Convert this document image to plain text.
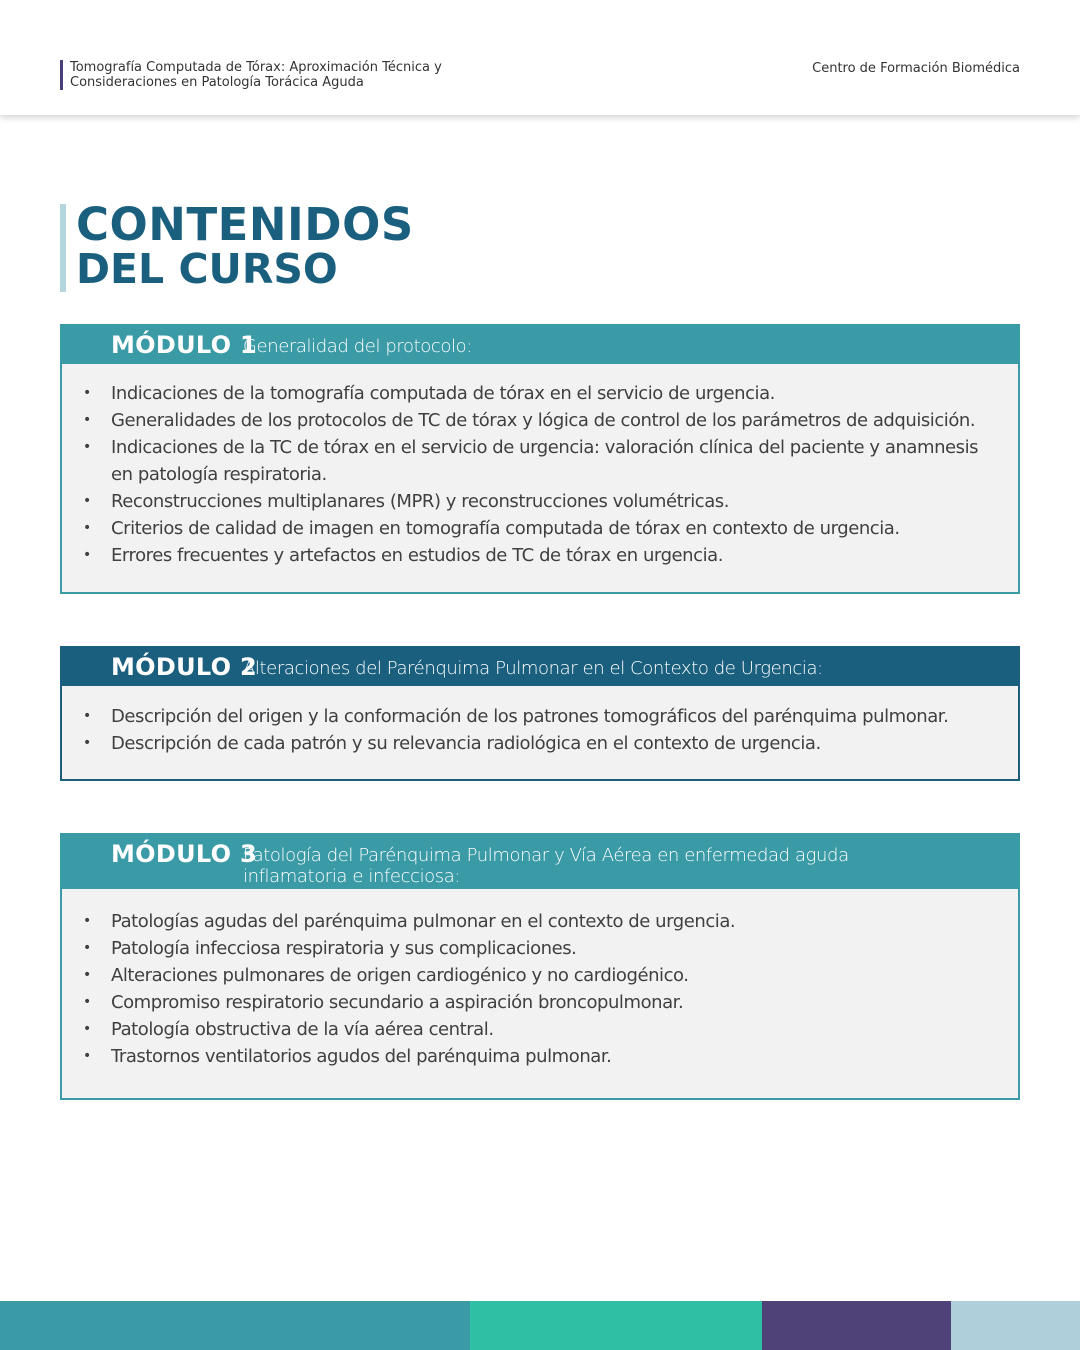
Tomografía Computada de Tórax: Aproximación Técnica y
Consideraciones en Patología Torácica Aguda
Centro de Formación Biomédica
CONTENIDOS
DEL CURSO
MÓDULO 1
Generalidad del protocolo:
• Indicaciones de la tomografía computada de tórax en el servicio de urgencia.
• Generalidades de los protocolos de TC de tórax y lógica de control de los parámetros de adquisición.
• Indicaciones de la TC de tórax en el servicio de urgencia: valoración clínica del paciente y anamnesis en patología respiratoria.
• Reconstrucciones multiplanares (MPR) y reconstrucciones volumétricas.
• Criterios de calidad de imagen en tomografía computada de tórax en contexto de urgencia.
• Errores frecuentes y artefactos en estudios de TC de tórax en urgencia.
MÓDULO 2
Alteraciones del Parénquima Pulmonar en el Contexto de Urgencia:
• Descripción del origen y la conformación de los patrones tomográficos del parénquima pulmonar.
• Descripción de cada patrón y su relevancia radiológica en el contexto de urgencia.
MÓDULO 3
Patología del Parénquima Pulmonar y Vía Aérea en enfermedad aguda inflamatoria e infecciosa:
• Patologías agudas del parénquima pulmonar en el contexto de urgencia.
• Patología infecciosa respiratoria y sus complicaciones.
• Alteraciones pulmonares de origen cardiogénico y no cardiogénico.
• Compromiso respiratorio secundario a aspiración broncopulmonar.
• Patología obstructiva de la vía aérea central.
• Trastornos ventilatorios agudos del parénquima pulmonar.
